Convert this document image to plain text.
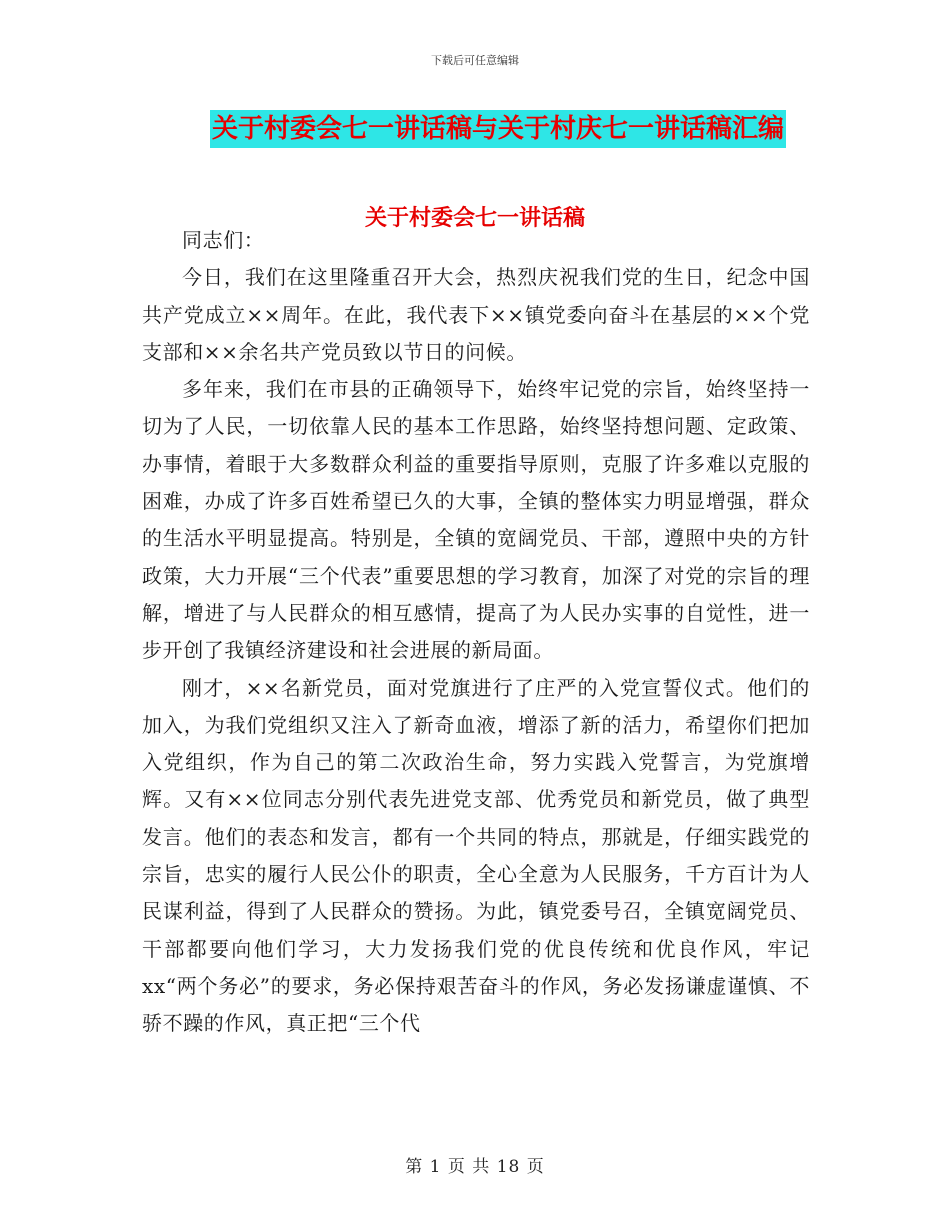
下载后可任意编辑
关于村委会七一讲话稿与关于村庆七一讲话稿汇编
关于村委会七一讲话稿

同志们：

今日，我们在这里隆重召开大会，热烈庆祝我们党的生日，纪念中国共产党成立××周年。在此，我代表下××镇党委向奋斗在基层的××个党支部和××余名共产党员致以节日的问候。

多年来，我们在市县的正确领导下，始终牢记党的宗旨，始终坚持一切为了人民，一切依靠人民的基本工作思路，始终坚持想问题、定政策、办事情，着眼于大多数群众利益的重要指导原则，克服了许多难以克服的困难，办成了许多百姓希望已久的大事，全镇的整体实力明显增强，群众的生活水平明显提高。特别是，全镇的宽阔党员、干部，遵照中央的方针政策，大力开展“三个代表”重要思想的学习教育，加深了对党的宗旨的理解，增进了与人民群众的相互感情，提高了为人民办实事的自觉性，进一步开创了我镇经济建设和社会进展的新局面。

刚才，××名新党员，面对党旗进行了庄严的入党宣誓仪式。他们的加入，为我们党组织又注入了新奇血液，增添了新的活力，希望你们把加入党组织，作为自己的第二次政治生命，努力实践入党誓言，为党旗增辉。又有××位同志分别代表先进党支部、优秀党员和新党员，做了典型发言。他们的表态和发言，都有一个共同的特点，那就是，仔细实践党的宗旨，忠实的履行人民公仆的职责，全心全意为人民服务，千方百计为人民谋利益，得到了人民群众的赞扬。为此，镇党委号召，全镇宽阔党员、干部都要向他们学习，大力发扬我们党的优良传统和优良作风，牢记xx“两个务必”的要求，务必保持艰苦奋斗的作风，务必发扬谦虚谨慎、不骄不躁的作风，真正把“三个代

第 1 页 共 18 页
